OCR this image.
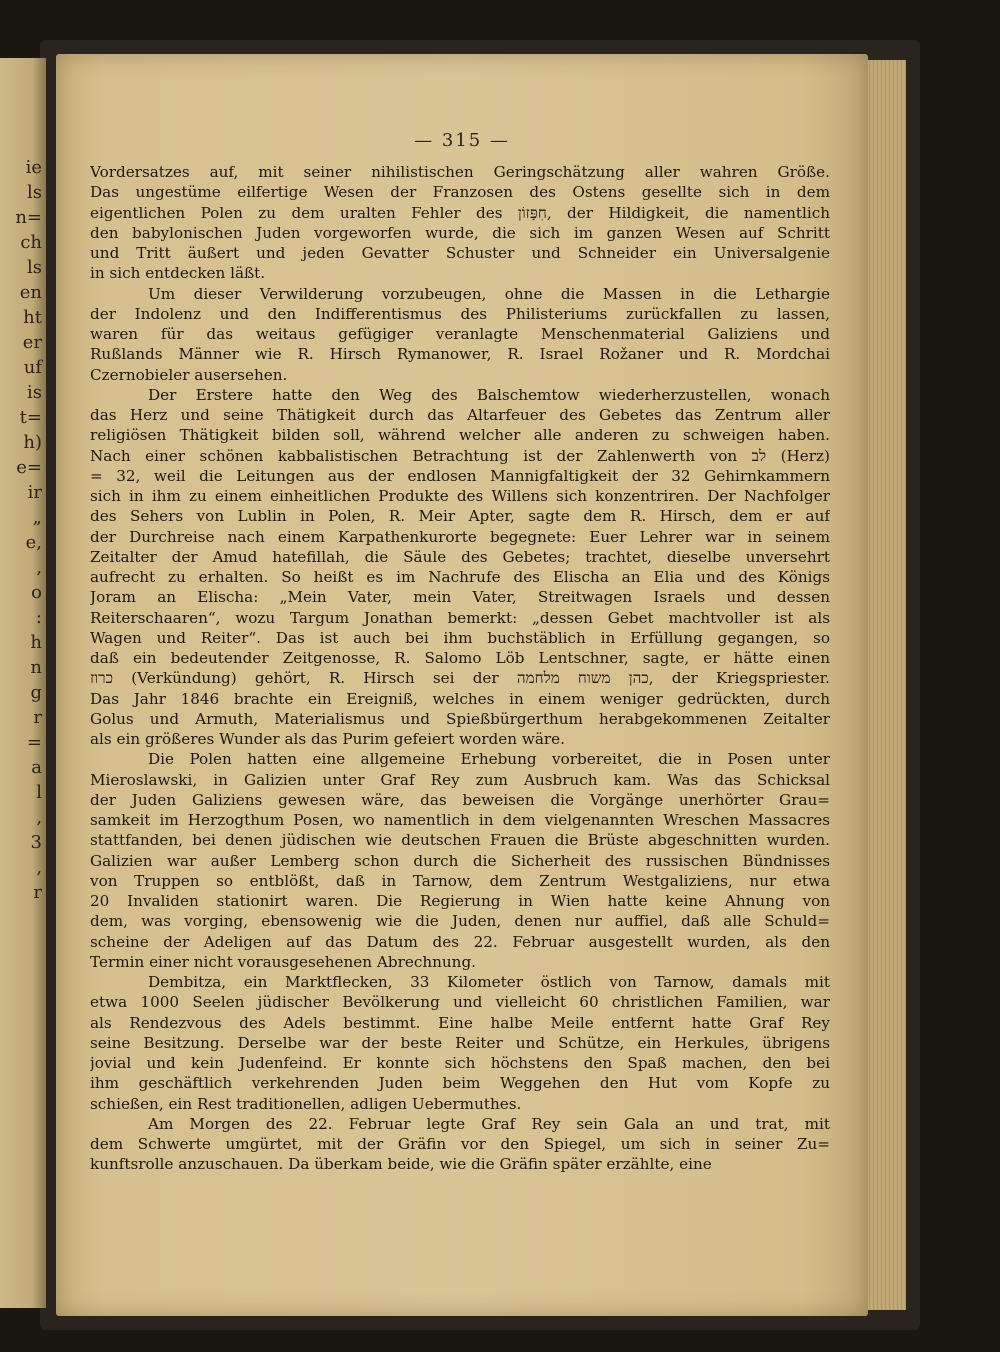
ie
ls
n=
ch
ls
en
ht
er
uf
is
t=
h)
e=
ir
„
e,
‚
o
:
h
n
g
r
=
a
l
‚
3
‚
r
— 315 —

Vordersatzes auf, mit seiner nihilistischen Geringschätzung aller wahren Größe.
Das ungestüme eilfertige Wesen der Franzosen des Ostens gesellte sich in dem
eigentlichen Polen zu dem uralten Fehler des חִפָּזוֹן, der Hildigkeit, die namentlich
den babylonischen Juden vorgeworfen wurde, die sich im ganzen Wesen auf Schritt
und Tritt äußert und jeden Gevatter Schuster und Schneider ein Universalgenie
in sich entdecken läßt.

Um dieser Verwilderung vorzubeugen, ohne die Massen in die Lethargie
der Indolenz und den Indifferentismus des Philisteriums zurückfallen zu lassen,
waren für das weitaus gefügiger veranlagte Menschenmaterial Galiziens und
Rußlands Männer wie R. Hirsch Rymanower, R. Israel Rožaner und R. Mordchai
Czernobieler ausersehen.

Der Erstere hatte den Weg des Balschemtow wiederherzustellen, wonach
das Herz und seine Thätigkeit durch das Altarfeuer des Gebetes das Zentrum aller
religiösen Thätigkeit bilden soll, während welcher alle anderen zu schweigen haben.
Nach einer schönen kabbalistischen Betrachtung ist der Zahlenwerth von לב (Herz)
= 32, weil die Leitungen aus der endlosen Mannigfaltigkeit der 32 Gehirnkammern
sich in ihm zu einem einheitlichen Produkte des Willens sich konzentriren. Der Nachfolger
des Sehers von Lublin in Polen, R. Meir Apter, sagte dem R. Hirsch, dem er auf
der Durchreise nach einem Karpathenkurorte begegnete: Euer Lehrer war in seinem
Zeitalter der Amud hatefillah, die Säule des Gebetes; trachtet, dieselbe unversehrt
aufrecht zu erhalten. So heißt es im Nachrufe des Elischa an Elia und des Königs
Joram an Elischa: „Mein Vater, mein Vater, Streitwagen Israels und dessen
Reiterschaaren“, wozu Targum Jonathan bemerkt: „dessen Gebet machtvoller ist als
Wagen und Reiter“. Das ist auch bei ihm buchstäblich in Erfüllung gegangen, so
daß ein bedeutender Zeitgenosse, R. Salomo Löb Lentschner, sagte, er hätte einen
כרוז (Verkündung) gehört, R. Hirsch sei der כהן משוח מלחמה, der Kriegspriester.
Das Jahr 1846 brachte ein Ereigniß, welches in einem weniger gedrückten, durch
Golus und Armuth, Materialismus und Spießbürgerthum herabgekommenen Zeitalter
als ein größeres Wunder als das Purim gefeiert worden wäre.

Die Polen hatten eine allgemeine Erhebung vorbereitet, die in Posen unter
Mieroslawski, in Galizien unter Graf Rey zum Ausbruch kam. Was das Schicksal
der Juden Galiziens gewesen wäre, das beweisen die Vorgänge unerhörter Grau=
samkeit im Herzogthum Posen, wo namentlich in dem vielgenannten Wreschen Massacres
stattfanden, bei denen jüdischen wie deutschen Frauen die Brüste abgeschnitten wurden.
Galizien war außer Lemberg schon durch die Sicherheit des russischen Bündnisses
von Truppen so entblößt, daß in Tarnow, dem Zentrum Westgaliziens, nur etwa
20 Invaliden stationirt waren. Die Regierung in Wien hatte keine Ahnung von
dem, was vorging, ebensowenig wie die Juden, denen nur auffiel, daß alle Schuld=
scheine der Adeligen auf das Datum des 22. Februar ausgestellt wurden, als den
Termin einer nicht vorausgesehenen Abrechnung.

Dembitza, ein Marktflecken, 33 Kilometer östlich von Tarnow, damals mit
etwa 1000 Seelen jüdischer Bevölkerung und vielleicht 60 christlichen Familien, war
als Rendezvous des Adels bestimmt. Eine halbe Meile entfernt hatte Graf Rey
seine Besitzung. Derselbe war der beste Reiter und Schütze, ein Herkules, übrigens
jovial und kein Judenfeind. Er konnte sich höchstens den Spaß machen, den bei
ihm geschäftlich verkehrenden Juden beim Weggehen den Hut vom Kopfe zu
schießen, ein Rest traditionellen, adligen Uebermuthes.

Am Morgen des 22. Februar legte Graf Rey sein Gala an und trat, mit
dem Schwerte umgürtet, mit der Gräfin vor den Spiegel, um sich in seiner Zu=
kunftsrolle anzuschauen. Da überkam beide, wie die Gräfin später erzählte, eine
